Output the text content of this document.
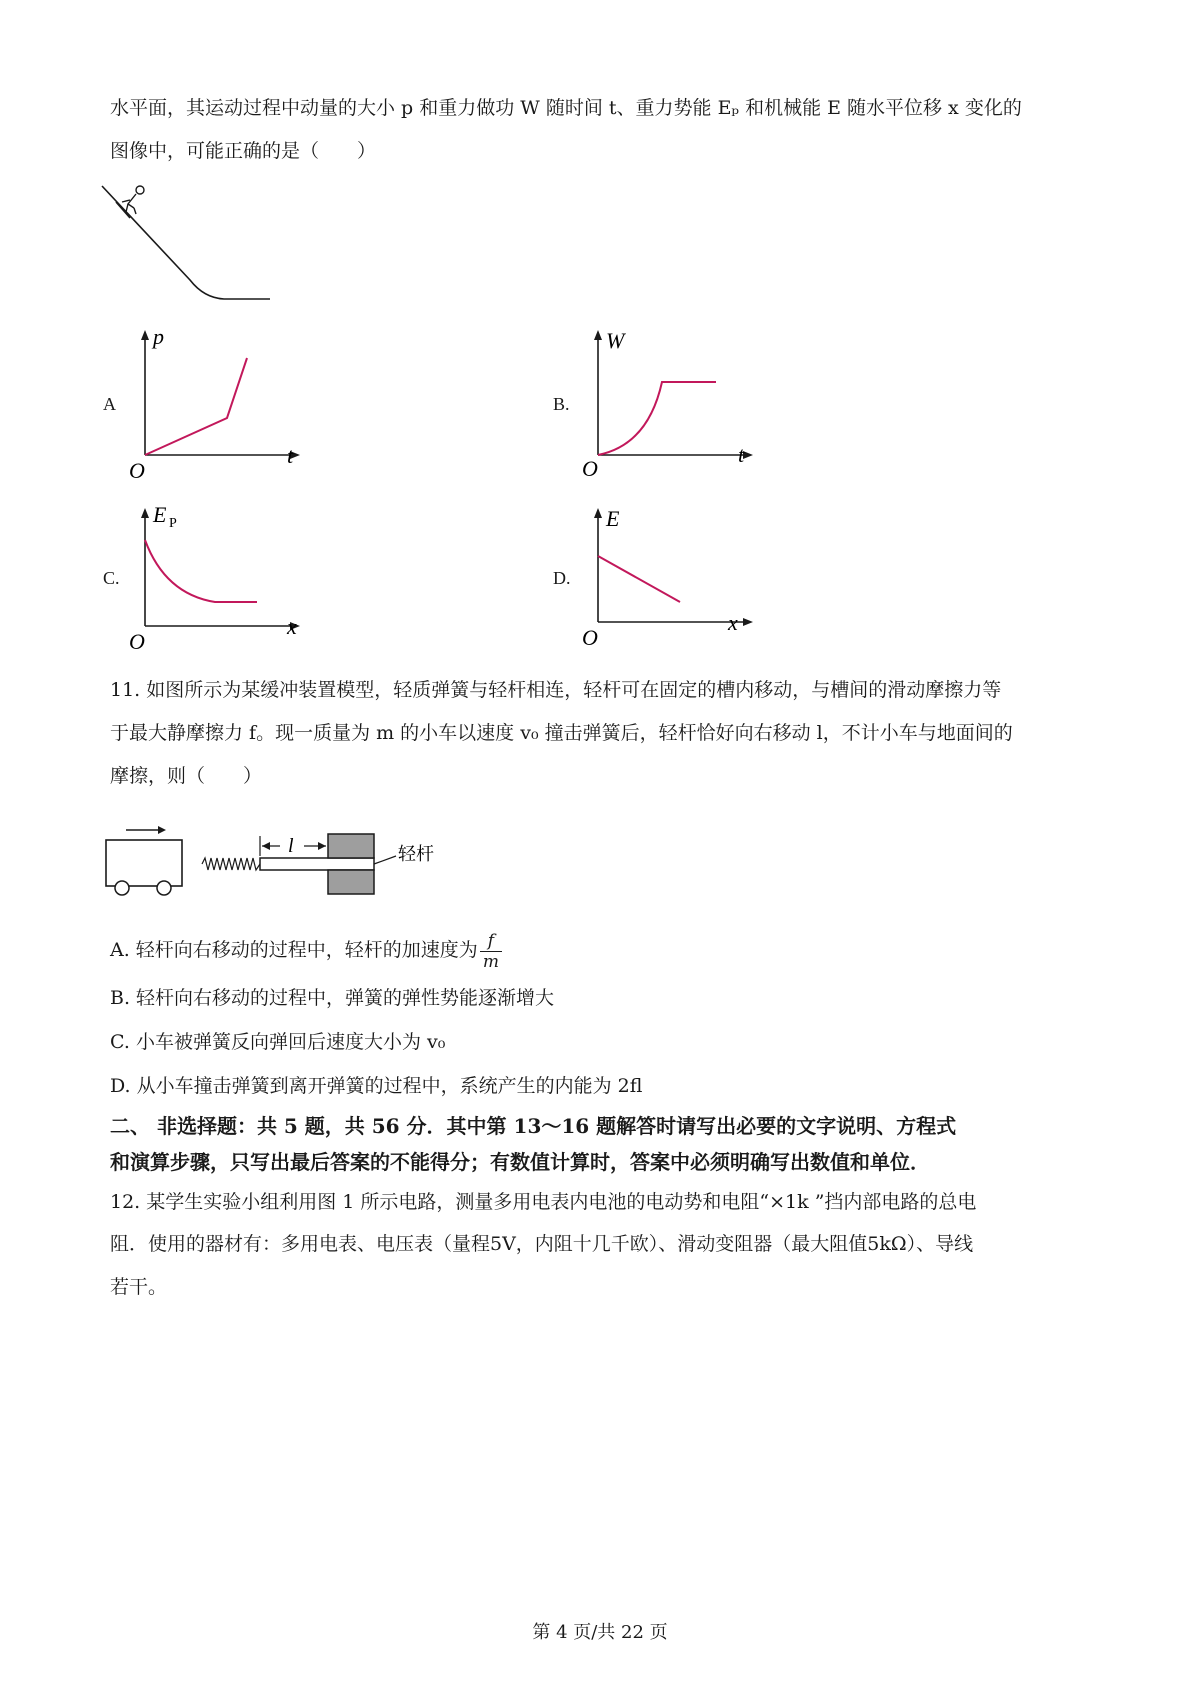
水平面，其运动过程中动量的大小 p 和重力做功 W 随时间 t、重力势能 Eₚ 和机械能 E 随水平位移 x 变化的
图像中，可能正确的是（　　）
A
p
t
O
B.
W
t
O
C.
E P
x
O
D.
E
x
O
11. 如图所示为某缓冲装置模型，轻质弹簧与轻杆相连，轻杆可在固定的槽内移动，与槽间的滑动摩擦力等
于最大静摩擦力 f。现一质量为 m 的小车以速度 v₀ 撞击弹簧后，轻杆恰好向右移动 l，不计小车与地面间的
摩擦，则（　　）
l	轻杆
A. 轻杆向右移动的过程中，轻杆的加速度为 $\frac{f}{m}$
B. 轻杆向右移动的过程中，弹簧的弹性势能逐渐增大
C. 小车被弹簧反向弹回后速度大小为 v₀
D. 从小车撞击弹簧到离开弹簧的过程中，系统产生的内能为 2fl
二、 非选择题：共 5 题，共 56 分．其中第 13～16 题解答时请写出必要的文字说明、方程式
和演算步骤，只写出最后答案的不能得分；有数值计算时，答案中必须明确写出数值和单位．
12. 某学生实验小组利用图 1 所示电路，测量多用电表内电池的电动势和电阻“×1k ”挡内部电路的总电
阻．使用的器材有：多用电表、电压表（量程5V，内阻十几千欧）、滑动变阻器（最大阻值5kΩ）、导线
若干。
第 4 页/共 22 页
